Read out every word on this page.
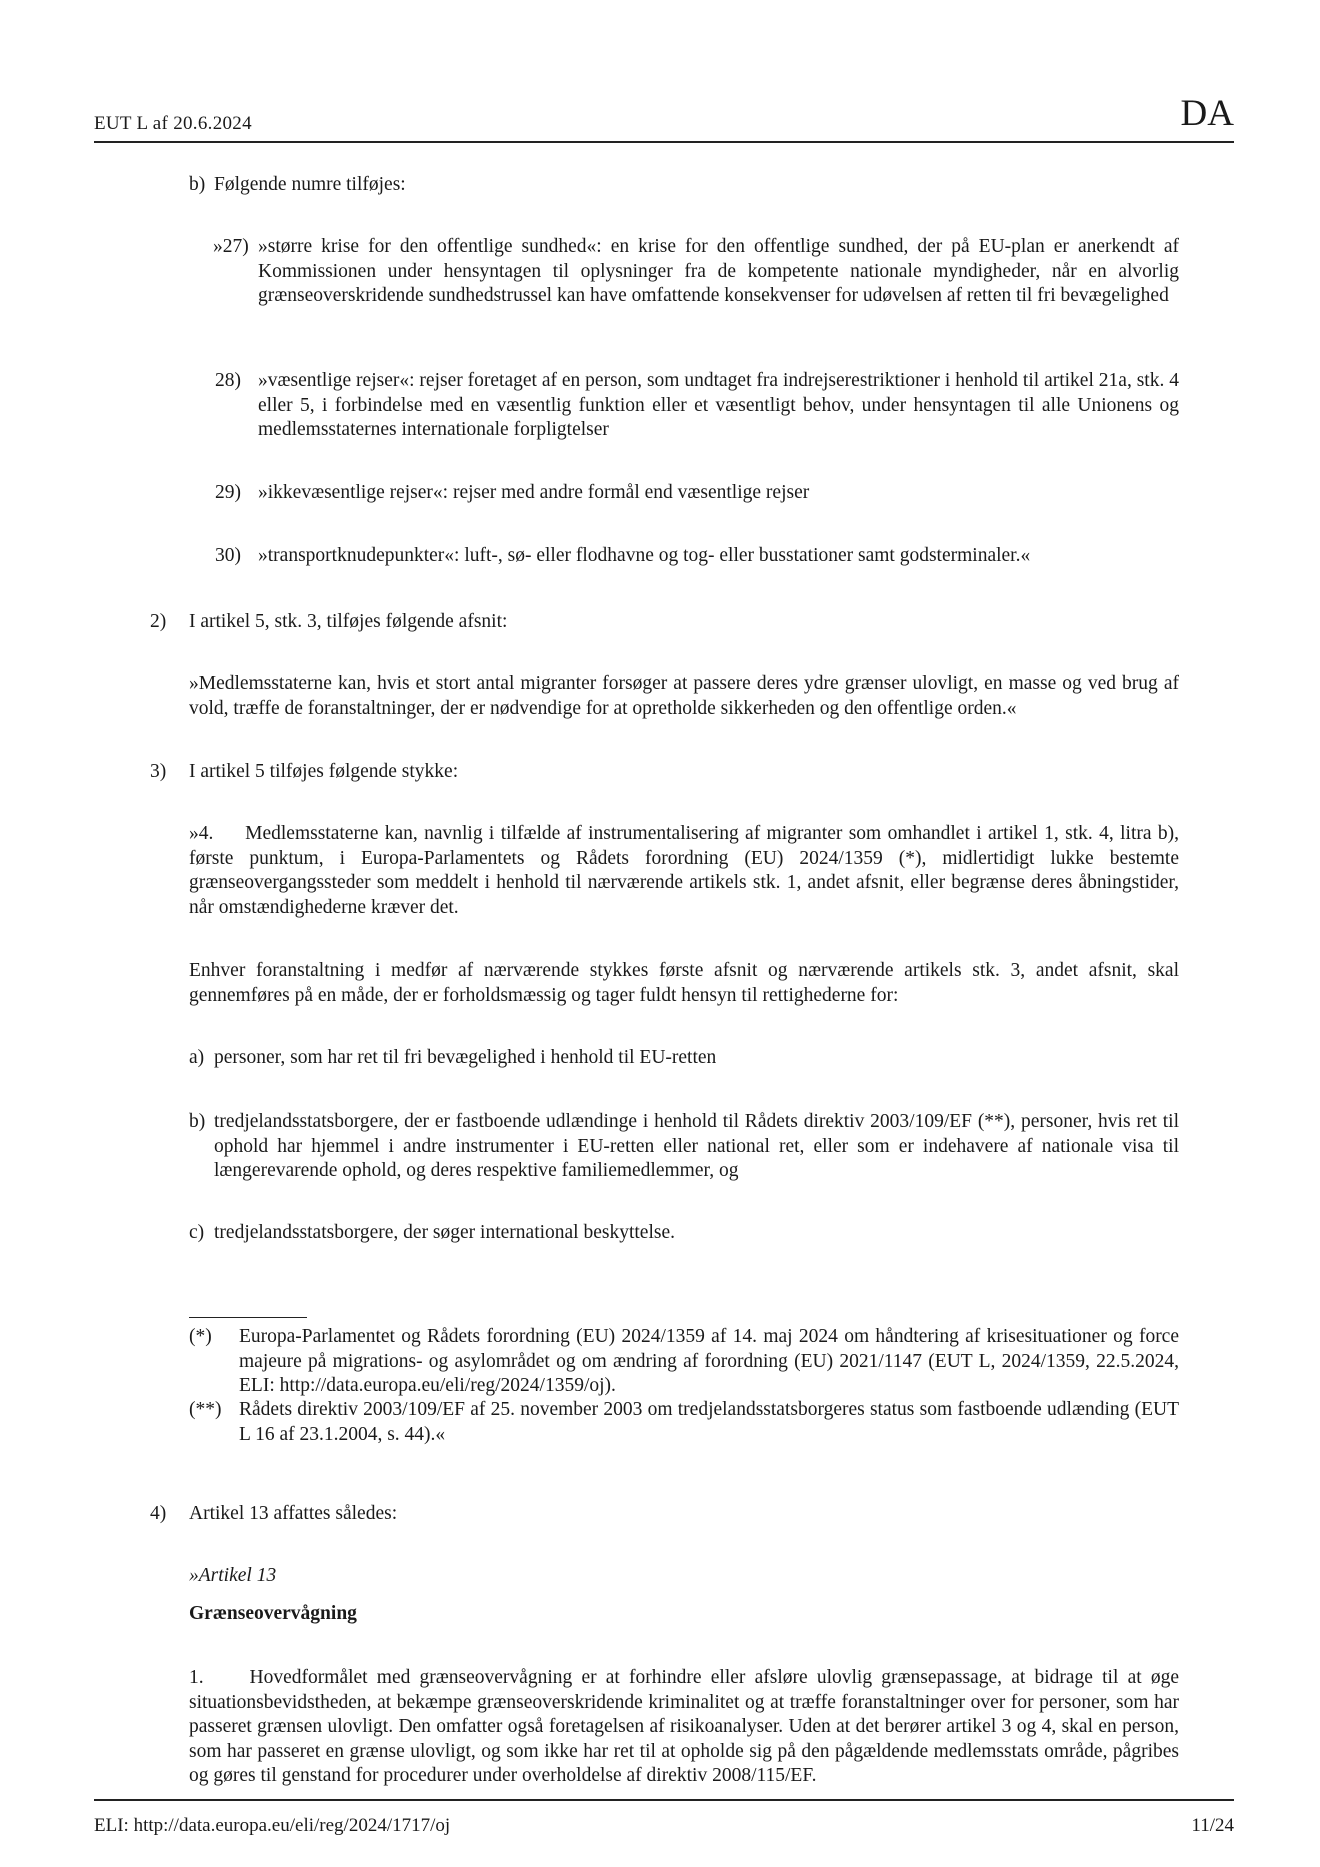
EUT L af 20.6.2024	DA
b) Følgende numre tilføjes:
»27) »større krise for den offentlige sundhed«: en krise for den offentlige sundhed, der på EU-plan er anerkendt af Kommissionen under hensyntagen til oplysninger fra de kompetente nationale myndigheder, når en alvorlig grænseoverskridende sundhedstrussel kan have omfattende konsekvenser for udøvelsen af retten til fri bevægelighed
28) »væsentlige rejser«: rejser foretaget af en person, som undtaget fra indrejserestriktioner i henhold til artikel 21a, stk. 4 eller 5, i forbindelse med en væsentlig funktion eller et væsentligt behov, under hensyntagen til alle Unionens og medlemsstaternes internationale forpligtelser
29) »ikkevæsentlige rejser«: rejser med andre formål end væsentlige rejser
30) »transportknudepunkter«: luft-, sø- eller flodhavne og tog- eller busstationer samt godsterminaler.«
2) I artikel 5, stk. 3, tilføjes følgende afsnit:
»Medlemsstaterne kan, hvis et stort antal migranter forsøger at passere deres ydre grænser ulovligt, en masse og ved brug af vold, træffe de foranstaltninger, der er nødvendige for at opretholde sikkerheden og den offentlige orden.«
3) I artikel 5 tilføjes følgende stykke:
»4.     Medlemsstaterne kan, navnlig i tilfælde af instrumentalisering af migranter som omhandlet i artikel 1, stk. 4, litra b), første punktum, i Europa-Parlamentets og Rådets forordning (EU) 2024/1359 (*), midlertidigt lukke bestemte grænseovergangssteder som meddelt i henhold til nærværende artikels stk. 1, andet afsnit, eller begrænse deres åbningstider, når omstændighederne kræver det.
Enhver foranstaltning i medfør af nærværende stykkes første afsnit og nærværende artikels stk. 3, andet afsnit, skal gennemføres på en måde, der er forholdsmæssig og tager fuldt hensyn til rettighederne for:
a) personer, som har ret til fri bevægelighed i henhold til EU-retten
b) tredjelandsstatsborgere, der er fastboende udlændinge i henhold til Rådets direktiv 2003/109/EF (**), personer, hvis ret til ophold har hjemmel i andre instrumenter i EU-retten eller national ret, eller som er indehavere af nationale visa til længerevarende ophold, og deres respektive familiemedlemmer, og
c) tredjelandsstatsborgere, der søger international beskyttelse.
(*) Europa-Parlamentet og Rådets forordning (EU) 2024/1359 af 14. maj 2024 om håndtering af krisesituationer og force majeure på migrations- og asylområdet og om ændring af forordning (EU) 2021/1147 (EUT L, 2024/1359, 22.5.2024, ELI: http://data.europa.eu/eli/reg/2024/1359/oj).
(**) Rådets direktiv 2003/109/EF af 25. november 2003 om tredjelandsstatsborgeres status som fastboende udlænding (EUT L 16 af 23.1.2004, s. 44).«
4) Artikel 13 affattes således:
»Artikel 13
Grænseovervågning
1.     Hovedformålet med grænseovervågning er at forhindre eller afsløre ulovlig grænsepassage, at bidrage til at øge situationsbevidstheden, at bekæmpe grænseoverskridende kriminalitet og at træffe foranstaltninger over for personer, som har passeret grænsen ulovligt. Den omfatter også foretagelsen af risikoanalyser. Uden at det berører artikel 3 og 4, skal en person, som har passeret en grænse ulovligt, og som ikke har ret til at opholde sig på den pågældende medlemsstats område, pågribes og gøres til genstand for procedurer under overholdelse af direktiv 2008/115/EF.
ELI: http://data.europa.eu/eli/reg/2024/1717/oj	11/24
